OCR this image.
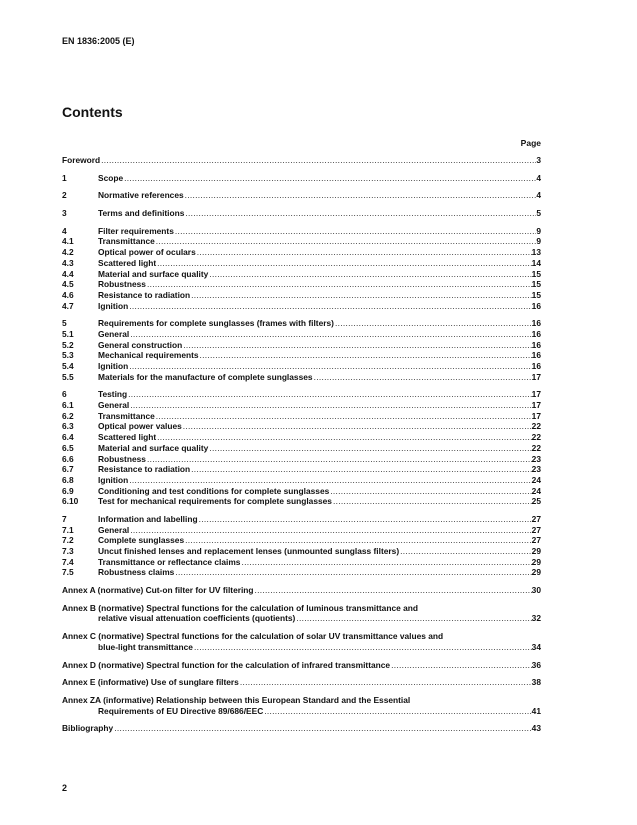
EN 1836:2005 (E)
Contents
Page
Foreword .....	3
1	Scope .....	4
2	Normative references .....	4
3	Terms and definitions .....	5
4	Filter requirements .....	9
4.1	Transmittance .....	9
4.2	Optical power of oculars .....	13
4.3	Scattered light .....	14
4.4	Material and surface quality .....	15
4.5	Robustness .....	15
4.6	Resistance to radiation .....	15
4.7	Ignition .....	16
5	Requirements for complete sunglasses (frames with filters) .....	16
5.1	General .....	16
5.2	General construction .....	16
5.3	Mechanical requirements .....	16
5.4	Ignition .....	16
5.5	Materials for the manufacture of complete sunglasses .....	17
6	Testing .....	17
6.1	General .....	17
6.2	Transmittance .....	17
6.3	Optical power values .....	22
6.4	Scattered light .....	22
6.5	Material and surface quality .....	22
6.6	Robustness .....	23
6.7	Resistance to radiation .....	23
6.8	Ignition .....	24
6.9	Conditioning and test conditions for complete sunglasses .....	24
6.10	Test for mechanical requirements for complete sunglasses .....	25
7	Information and labelling .....	27
7.1	General .....	27
7.2	Complete sunglasses .....	27
7.3	Uncut finished lenses and replacement lenses (unmounted sunglass filters) .....	29
7.4	Transmittance or reflectance claims .....	29
7.5	Robustness claims .....	29
Annex A (normative) Cut-on filter for UV filtering .....	30
Annex B (normative) Spectral functions for the calculation of luminous transmittance and
relative visual attenuation coefficients (quotients) .....	32
Annex C (normative) Spectral functions for the calculation of solar UV transmittance values and
blue-light transmittance .....	34
Annex D (normative) Spectral function for the calculation of infrared transmittance .....	36
Annex E (informative) Use of sunglare filters .....	38
Annex ZA (informative) Relationship between this European Standard and the Essential
Requirements of EU Directive 89/686/EEC .....	41
Bibliography .....	43
2
